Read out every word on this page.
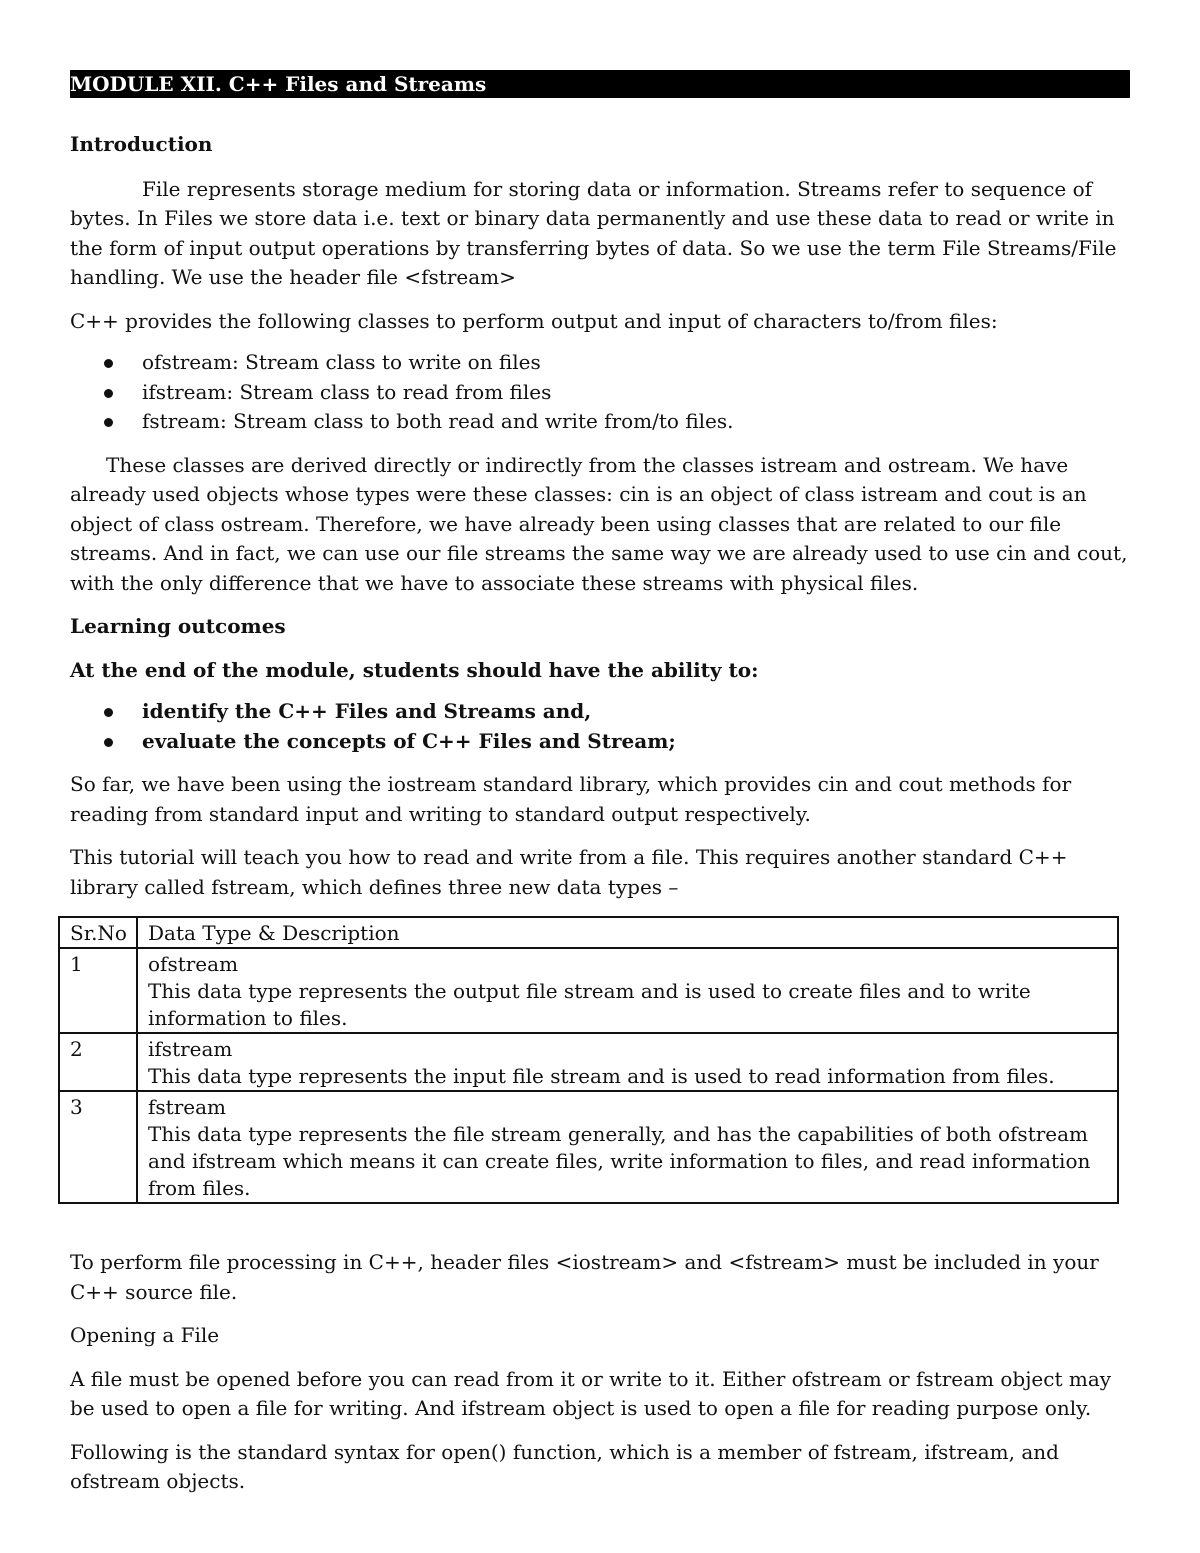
MODULE XII. C++ Files and Streams

Introduction

File represents storage medium for storing data or information. Streams refer to sequence of bytes. In Files we store data i.e. text or binary data permanently and use these data to read or write in the form of input output operations by transferring bytes of data. So we use the term File Streams/File handling. We use the header file <fstream>

C++ provides the following classes to perform output and input of characters to/from files:

ofstream: Stream class to write on files
ifstream: Stream class to read from files
fstream: Stream class to both read and write from/to files.

These classes are derived directly or indirectly from the classes istream and ostream. We have already used objects whose types were these classes: cin is an object of class istream and cout is an object of class ostream. Therefore, we have already been using classes that are related to our file streams. And in fact, we can use our file streams the same way we are already used to use cin and cout, with the only difference that we have to associate these streams with physical files.

Learning outcomes

At the end of the module, students should have the ability to:

identify the C++ Files and Streams and,
evaluate the concepts of C++ Files and Stream;

So far, we have been using the iostream standard library, which provides cin and cout methods for reading from standard input and writing to standard output respectively.

This tutorial will teach you how to read and write from a file. This requires another standard C++ library called fstream, which defines three new data types –

Sr.No	Data Type & Description
1	ofstream
This data type represents the output file stream and is used to create files and to write information to files.

2	ifstream
This data type represents the input file stream and is used to read information from files.

3	fstream
This data type represents the file stream generally, and has the capabilities of both ofstream and ifstream which means it can create files, write information to files, and read information from files.

To perform file processing in C++, header files <iostream> and <fstream> must be included in your C++ source file.

Opening a File

A file must be opened before you can read from it or write to it. Either ofstream or fstream object may be used to open a file for writing. And ifstream object is used to open a file for reading purpose only.

Following is the standard syntax for open() function, which is a member of fstream, ifstream, and ofstream objects.
